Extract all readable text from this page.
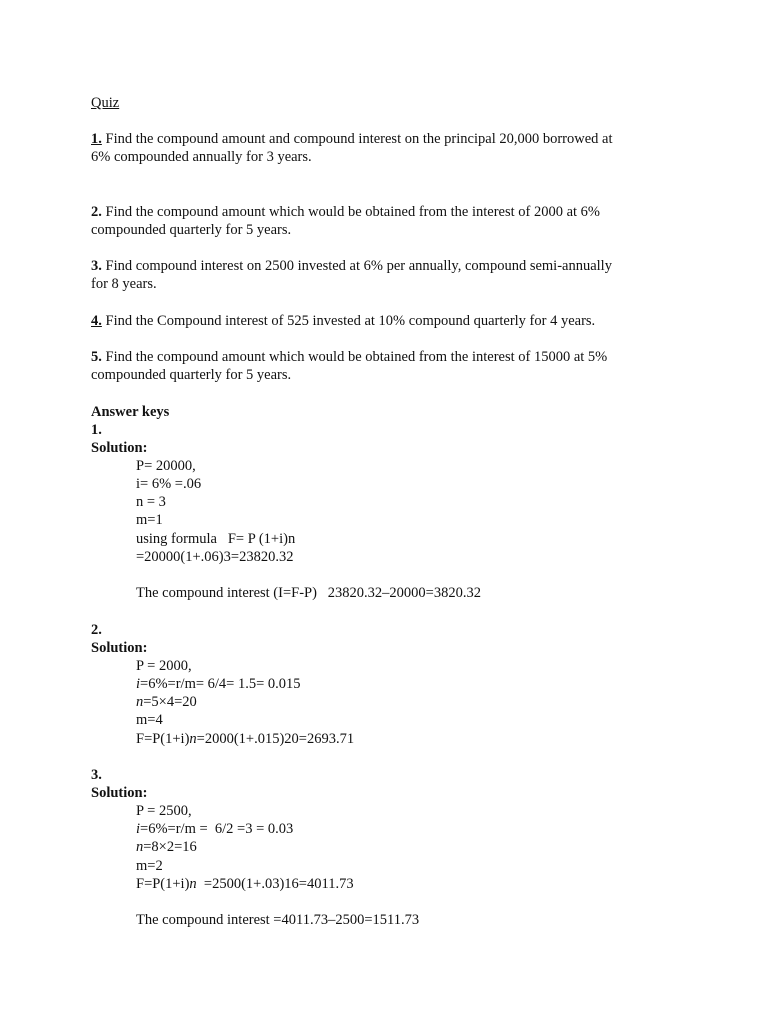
Quiz
1. Find the compound amount and compound interest on the principal 20,000 borrowed at
6% compounded annually for 3 years.
2. Find the compound amount which would be obtained from the interest of 2000 at 6%
compounded quarterly for 5 years.
3. Find compound interest on 2500 invested at 6% per annually, compound semi-annually
for 8 years.
4. Find the Compound interest of 525 invested at 10% compound quarterly for 4 years.
5. Find the compound amount which would be obtained from the interest of 15000 at 5%
compounded quarterly for 5 years.
Answer keys
1.
Solution:
P= 20000,
i= 6% =.06
n = 3
m=1
using formula   F= P (1+i)n
=20000(1+.06)3=23820.32
The compound interest (I=F-P)   23820.32–20000=3820.32
2.
Solution:
P = 2000,
i=6%=r/m= 6/4= 1.5= 0.015
n=5×4=20
m=4
F=P(1+i)n=2000(1+.015)20=2693.71
3.
Solution:
P = 2500,
i=6%=r/m =  6/2 =3 = 0.03
n=8×2=16
m=2
F=P(1+i)n  =2500(1+.03)16=4011.73
The compound interest =4011.73–2500=1511.73
